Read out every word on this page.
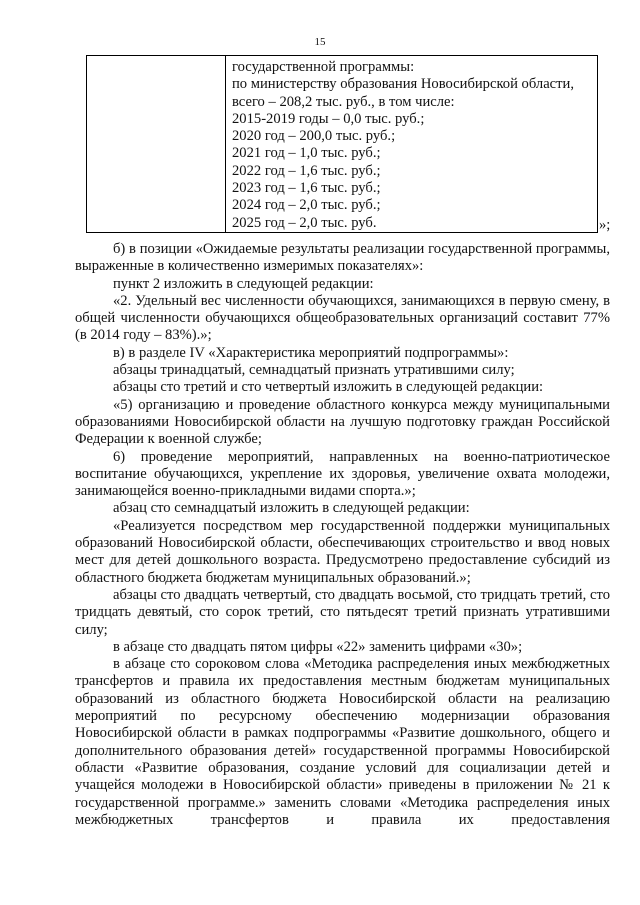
15
государственной программы:
по министерству образования Новосибирской области,
всего – 208,2 тыс. руб., в том числе:
2015-2019 годы – 0,0 тыс. руб.;
2020 год – 200,0 тыс. руб.;
2021 год – 1,0 тыс. руб.;
2022 год – 1,6 тыс. руб.;
2023 год – 1,6 тыс. руб.;
2024 год – 2,0 тыс. руб.;
2025 год – 2,0 тыс. руб.	»;

б) в позиции «Ожидаемые результаты реализации государственной программы, выраженные в количественно измеримых показателях»:

пункт 2 изложить в следующей редакции:

«2. Удельный вес численности обучающихся, занимающихся в первую смену, в общей численности обучающихся общеобразовательных организаций составит 77% (в 2014 году – 83%).»;

в) в разделе IV «Характеристика мероприятий подпрограммы»:

абзацы тринадцатый, семнадцатый признать утратившими силу;

абзацы сто третий и сто четвертый изложить в следующей редакции:

«5) организацию и проведение областного конкурса между муниципальными образованиями Новосибирской области на лучшую подготовку граждан Российской Федерации к военной службе;

6) проведение мероприятий, направленных на военно-патриотическое воспитание обучающихся, укрепление их здоровья, увеличение охвата молодежи, занимающейся военно-прикладными видами спорта.»;

абзац сто семнадцатый изложить в следующей редакции:

«Реализуется посредством мер государственной поддержки муниципальных образований Новосибирской области, обеспечивающих строительство и ввод новых мест для детей дошкольного возраста. Предусмотрено предоставление субсидий из областного бюджета бюджетам муниципальных образований.»;

абзацы сто двадцать четвертый, сто двадцать восьмой, сто тридцать третий, сто тридцать девятый, сто сорок третий, сто пятьдесят третий признать утратившими силу;

в абзаце сто двадцать пятом цифры «22» заменить цифрами «30»;

в абзаце сто сороковом слова «Методика распределения иных межбюджетных трансфертов и правила их предоставления местным бюджетам муниципальных образований из областного бюджета Новосибирской области на реализацию мероприятий по ресурсному обеспечению модернизации образования Новосибирской области в рамках подпрограммы «Развитие дошкольного, общего и дополнительного образования детей» государственной программы Новосибирской области «Развитие образования, создание условий для социализации детей и учащейся молодежи в Новосибирской области» приведены в приложении № 21 к государственной программе.» заменить словами «Методика распределения иных межбюджетных трансфертов и правила их предоставления
